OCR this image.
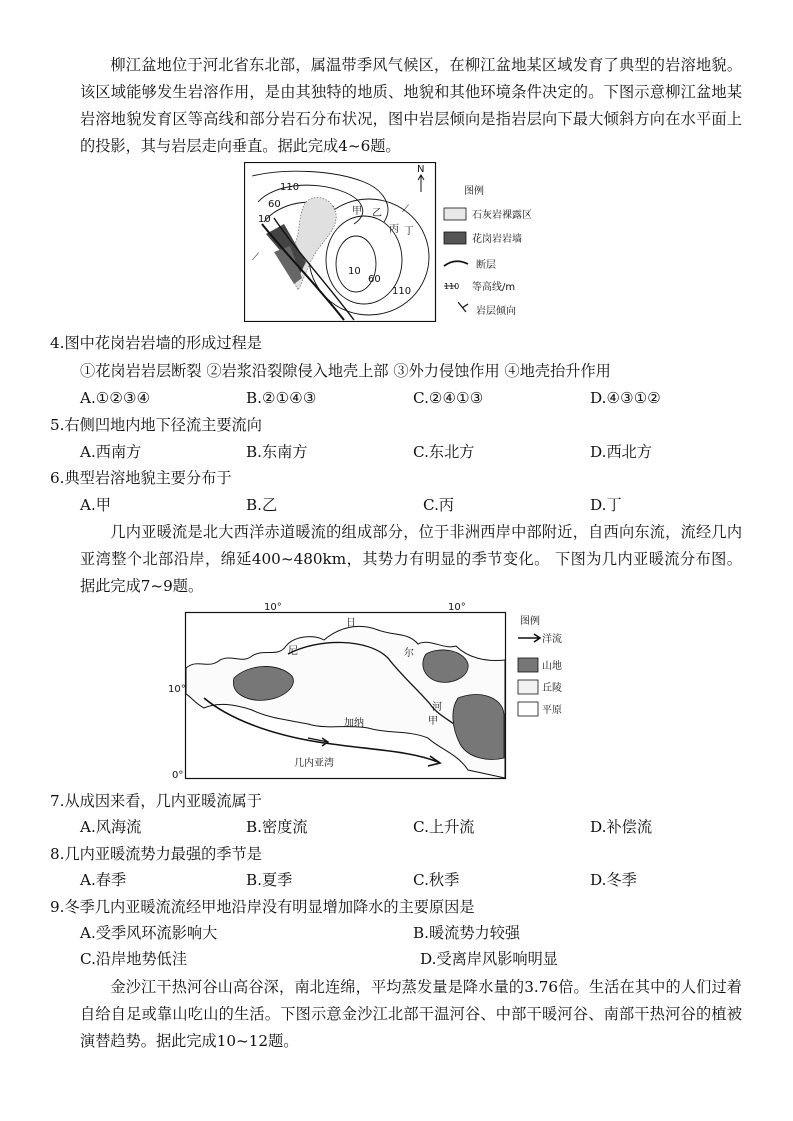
柳江盆地位于河北省东北部，属温带季风气候区，在柳江盆地某区域发育了典型的岩溶地貌。该区域能够发生岩溶作用，是由其独特的地质、地貌和其他环境条件决定的。下图示意柳江盆地某岩溶地貌发育区等高线和部分岩石分布状况，图中岩层倾向是指岩层向下最大倾斜方向在水平面上的投影，其与岩层走向垂直。据此完成4~6题。

⟋
⟋
110
60
10
10
60
110
甲 乙
丙 丁
N
图例
石灰岩裸露区
花岗岩岩墙
断层
110 等高线/m
岩层倾向

4.图中花岗岩岩墙的形成过程是

①花岗岩岩层断裂 ②岩浆沿裂隙侵入地壳上部 ③外力侵蚀作用 ④地壳抬升作用
A.①②③④	B.②①④③	C.②④①③	D.④③①②

5.右侧凹地内地下径流主要流向

A.西南方	B.东南方	C.东北方	D.西北方

6.典型岩溶地貌主要分布于

A.甲	B.乙	C.丙	D.丁

几内亚暖流是北大西洋赤道暖流的组成部分，位于非洲西岸中部附近，自西向东流，流经几内亚湾整个北部沿岸，绵延400~480km，其势力有明显的季节变化。 下图为几内亚暖流分布图。 据此完成7~9题。

10°	10°
10°
0°
尼
日
尔
河
加纳	甲
几内亚湾
图例
洋流
山地
丘陵
平原

7.从成因来看，几内亚暖流属于

A.风海流	B.密度流	C.上升流	D.补偿流

8.几内亚暖流势力最强的季节是

A.春季	B.夏季	C.秋季	D.冬季

9.冬季几内亚暖流流经甲地沿岸没有明显增加降水的主要原因是

A.受季风环流影响大	B.暖流势力较强
C.沿岸地势低洼	D.受离岸风影响明显

金沙江干热河谷山高谷深，南北连绵，平均蒸发量是降水量的3.76倍。生活在其中的人们过着自给自足或靠山吃山的生活。下图示意金沙江北部干温河谷、中部干暖河谷、南部干热河谷的植被演替趋势。据此完成10~12题。
